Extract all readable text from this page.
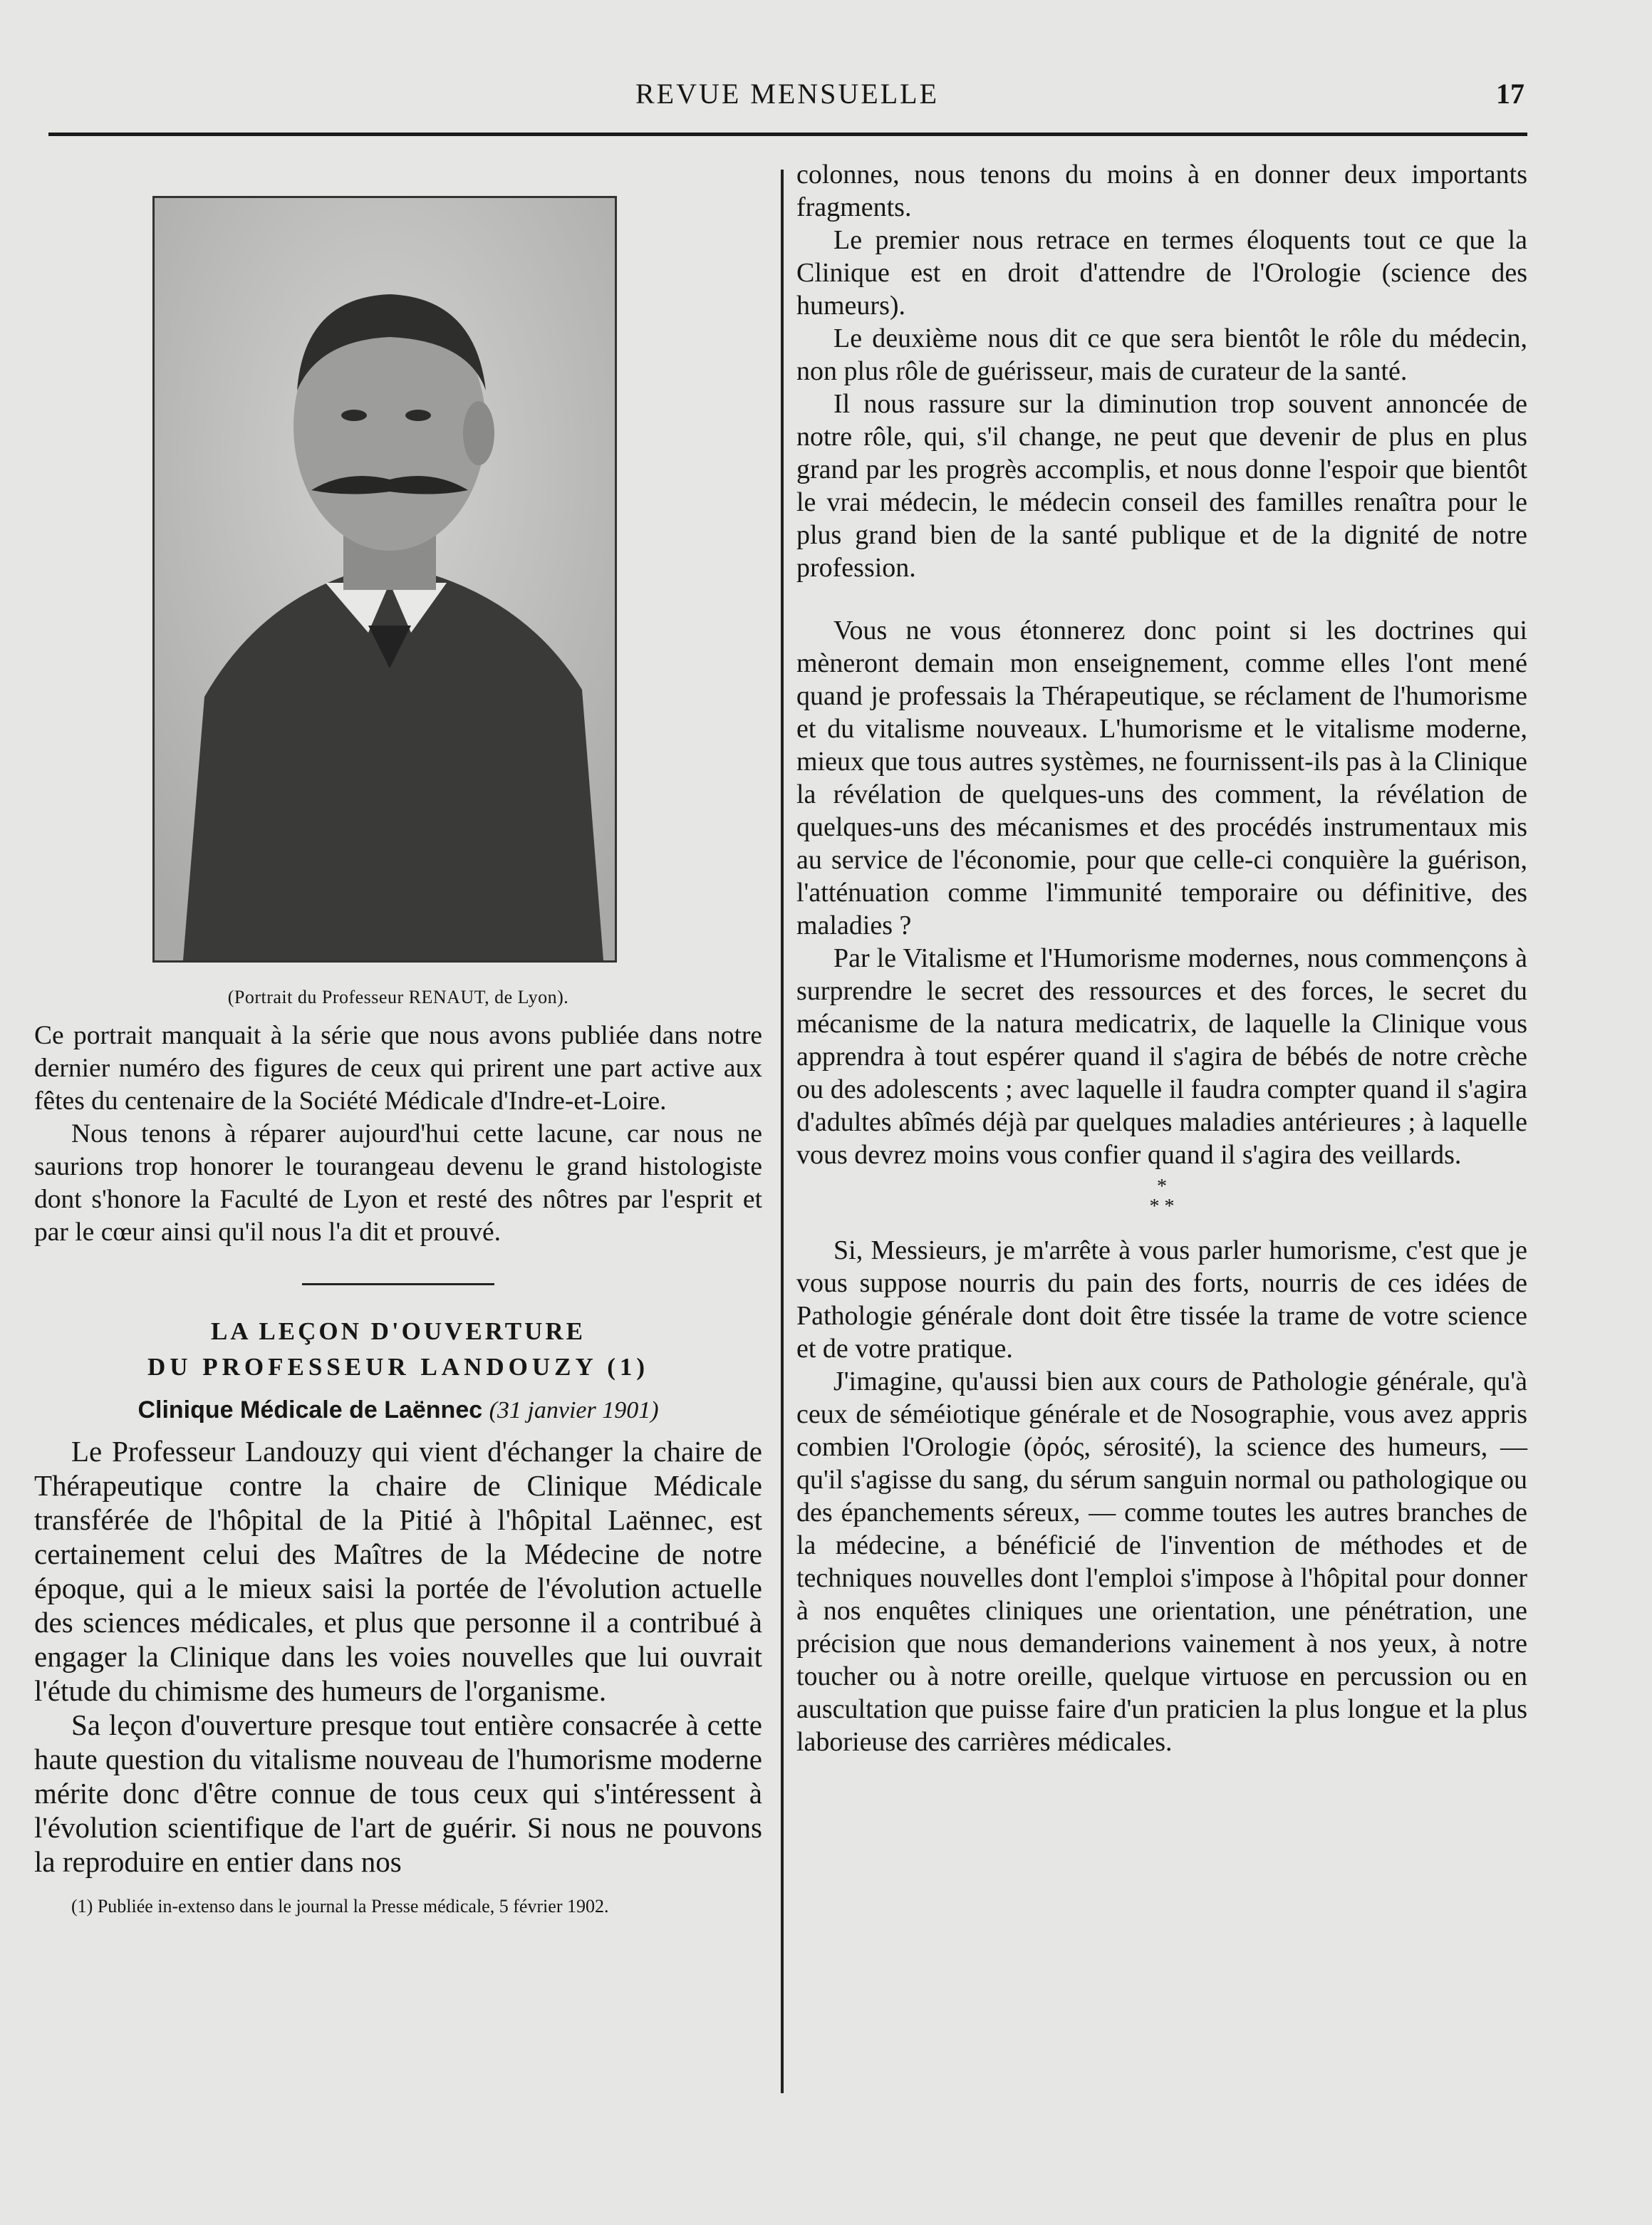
REVUE MENSUELLE	17
(Portrait du Professeur RENAUT, de Lyon).

Ce portrait manquait à la série que nous avons publiée dans notre dernier numéro des figures de ceux qui prirent une part active aux fêtes du centenaire de la Société Médicale d'Indre-et-Loire.

Nous tenons à réparer aujourd'hui cette lacune, car nous ne saurions trop honorer le tourangeau devenu le grand histologiste dont s'honore la Faculté de Lyon et resté des nôtres par l'esprit et par le cœur ainsi qu'il nous l'a dit et prouvé.

LA LEÇON D'OUVERTURE
DU PROFESSEUR LANDOUZY (1)
Clinique Médicale de Laënnec (31 janvier 1901)

Le Professeur Landouzy qui vient d'échanger la chaire de Thérapeutique contre la chaire de Clinique Médicale transférée de l'hôpital de la Pitié à l'hôpital Laënnec, est certainement celui des Maîtres de la Médecine de notre époque, qui a le mieux saisi la portée de l'évolution actuelle des sciences médicales, et plus que personne il a contribué à engager la Clinique dans les voies nouvelles que lui ouvrait l'étude du chimisme des humeurs de l'organisme.

Sa leçon d'ouverture presque tout entière consacrée à cette haute question du vitalisme nouveau de l'humorisme moderne mérite donc d'être connue de tous ceux qui s'intéressent à l'évolution scientifique de l'art de guérir. Si nous ne pouvons la reproduire en entier dans nos

(1) Publiée in-extenso dans le journal la Presse médicale, 5 février 1902.

colonnes, nous tenons du moins à en donner deux importants fragments.

Le premier nous retrace en termes éloquents tout ce que la Clinique est en droit d'attendre de l'Orologie (science des humeurs).

Le deuxième nous dit ce que sera bientôt le rôle du médecin, non plus rôle de guérisseur, mais de curateur de la santé.

Il nous rassure sur la diminution trop souvent annoncée de notre rôle, qui, s'il change, ne peut que devenir de plus en plus grand par les progrès accomplis, et nous donne l'espoir que bientôt le vrai médecin, le médecin conseil des familles renaîtra pour le plus grand bien de la santé publique et de la dignité de notre profession.

Vous ne vous étonnerez donc point si les doctrines qui mèneront demain mon enseignement, comme elles l'ont mené quand je professais la Thérapeutique, se réclament de l'humorisme et du vitalisme nouveaux. L'humorisme et le vitalisme moderne, mieux que tous autres systèmes, ne fournissent-ils pas à la Clinique la révélation de quelques-uns des comment, la révélation de quelques-uns des mécanismes et des procédés instrumentaux mis au service de l'économie, pour que celle-ci conquière la guérison, l'atténuation comme l'immunité temporaire ou définitive, des maladies ?

Par le Vitalisme et l'Humorisme modernes, nous commençons à surprendre le secret des ressources et des forces, le secret du mécanisme de la natura medicatrix, de laquelle la Clinique vous apprendra à tout espérer quand il s'agira de bébés de notre crèche ou des adolescents ; avec laquelle il faudra compter quand il s'agira d'adultes abîmés déjà par quelques maladies antérieures ; à laquelle vous devrez moins vous confier quand il s'agira des veillards.

*
* *

Si, Messieurs, je m'arrête à vous parler humorisme, c'est que je vous suppose nourris du pain des forts, nourris de ces idées de Pathologie générale dont doit être tissée la trame de votre science et de votre pratique.

J'imagine, qu'aussi bien aux cours de Pathologie générale, qu'à ceux de séméiotique générale et de Nosographie, vous avez appris combien l'Orologie (ὀρός, sérosité), la science des humeurs, — qu'il s'agisse du sang, du sérum sanguin normal ou pathologique ou des épanchements séreux, — comme toutes les autres branches de la médecine, a bénéficié de l'invention de méthodes et de techniques nouvelles dont l'emploi s'impose à l'hôpital pour donner à nos enquêtes cliniques une orientation, une pénétration, une précision que nous demanderions vainement à nos yeux, à notre toucher ou à notre oreille, quelque virtuose en percussion ou en auscultation que puisse faire d'un praticien la plus longue et la plus laborieuse des carrières médicales.
